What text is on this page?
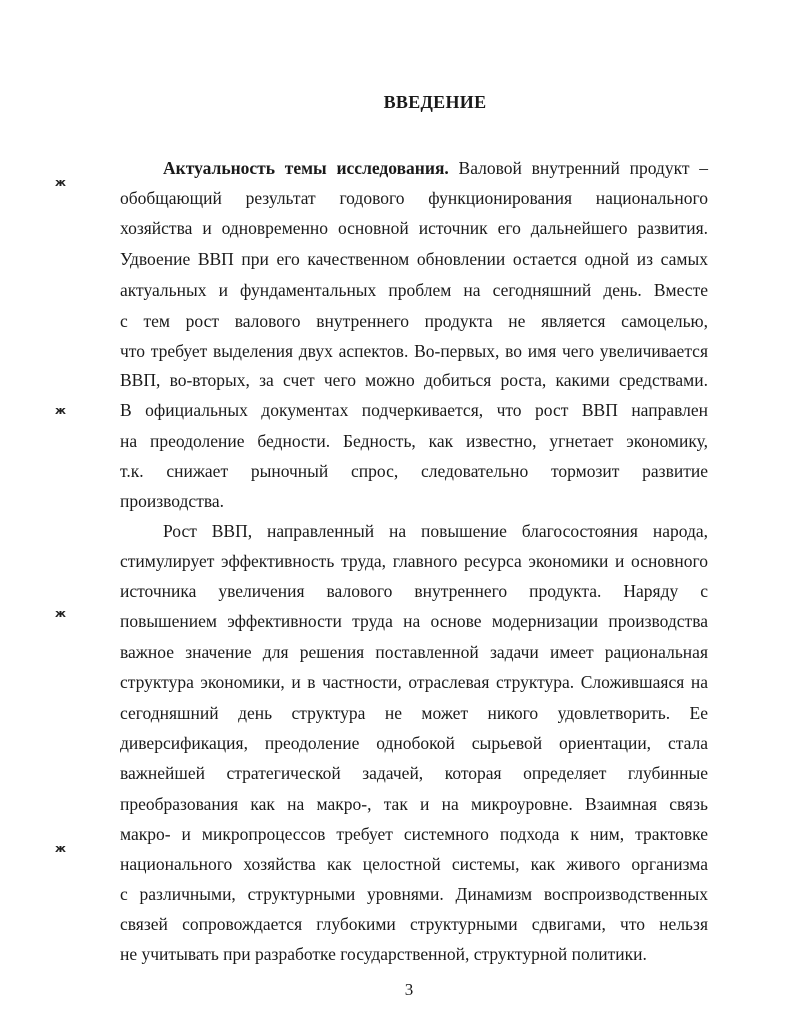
ВВЕДЕНИЕ
Актуальность темы исследования. Валовой внутренний продукт –
обобщающий результат годового функционирования национального
хозяйства и одновременно основной источник его дальнейшего развития.
Удвоение ВВП при его качественном обновлении остается одной из самых
актуальных и фундаментальных проблем на сегодняшний день. Вместе
с тем рост валового внутреннего продукта не является самоцелью,
что требует выделения двух аспектов. Во-первых, во имя чего увеличивается
ВВП, во-вторых, за счет чего можно добиться роста, какими средствами.
В официальных документах подчеркивается, что рост ВВП направлен
на преодоление бедности. Бедность, как известно, угнетает экономику,
т.к. снижает рыночный спрос, следовательно тормозит развитие
производства.
Рост ВВП, направленный на повышение благосостояния народа,
стимулирует эффективность труда, главного ресурса экономики и основного
источника увеличения валового внутреннего продукта. Наряду с
повышением эффективности труда на основе модернизации производства
важное значение для решения поставленной задачи имеет рациональная
структура экономики, и в частности, отраслевая структура. Сложившаяся на
сегодняшний день структура не может никого удовлетворить. Ее
диверсификация, преодоление однобокой сырьевой ориентации, стала
важнейшей стратегической задачей, которая определяет глубинные
преобразования как на макро-, так и на микроуровне. Взаимная связь
макро- и микропроцессов требует системного подхода к ним, трактовке
национального хозяйства как целостной системы, как живого организма
с различными, структурными уровнями. Динамизм воспроизводственных
связей сопровождается глубокими структурными сдвигами, что нельзя
не учитывать при разработке государственной, структурной политики.
ж
ж
ж
ж
3
